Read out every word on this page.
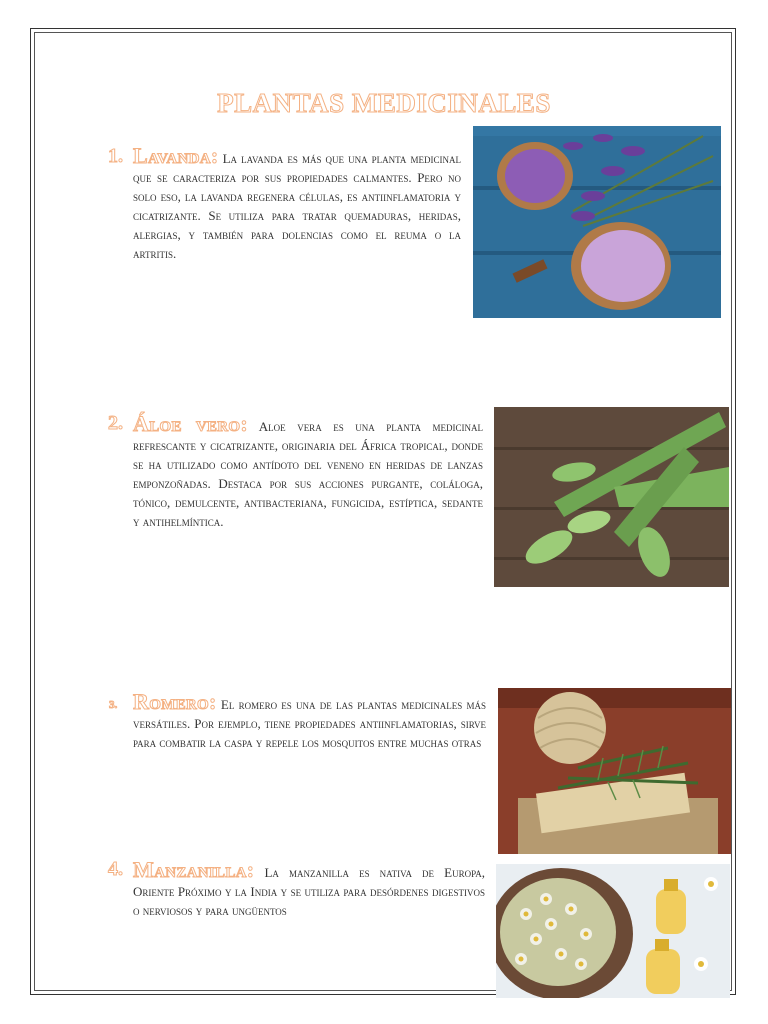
PLANTAS MEDICINALES
1. Lavanda: La lavanda es más que una planta medicinal que se caracteriza por sus propiedades calmantes. Pero no solo eso, la lavanda regenera células, es antiinflamatoria y cicatrizante. Se utiliza para tratar quemaduras, heridas, alergias, y también para dolencias como el reuma o la artritis.

2. Áloe vero: Aloe vera es una planta medicinal refrescante y cicatrizante, originaria del África tropical, donde se ha utilizado como antídoto del veneno en heridas de lanzas emponzoñadas. Destaca por sus acciones purgante, colálogа, tónico, demulcente, antibacteriana, fungicida, estíptica, sedante y antihelmíntica.

3. Romero: El romero es una de las plantas medicinales más versátiles. Por ejemplo, tiene propiedades antiinflamatorias, sirve para combatir la caspa y repele los mosquitos entre muchas otras

4. Manzanilla: La manzanilla es nativa de Europa, Oriente Próximo y la India y se utiliza para desórdenes digestivos o nerviosos y para ungüentos
